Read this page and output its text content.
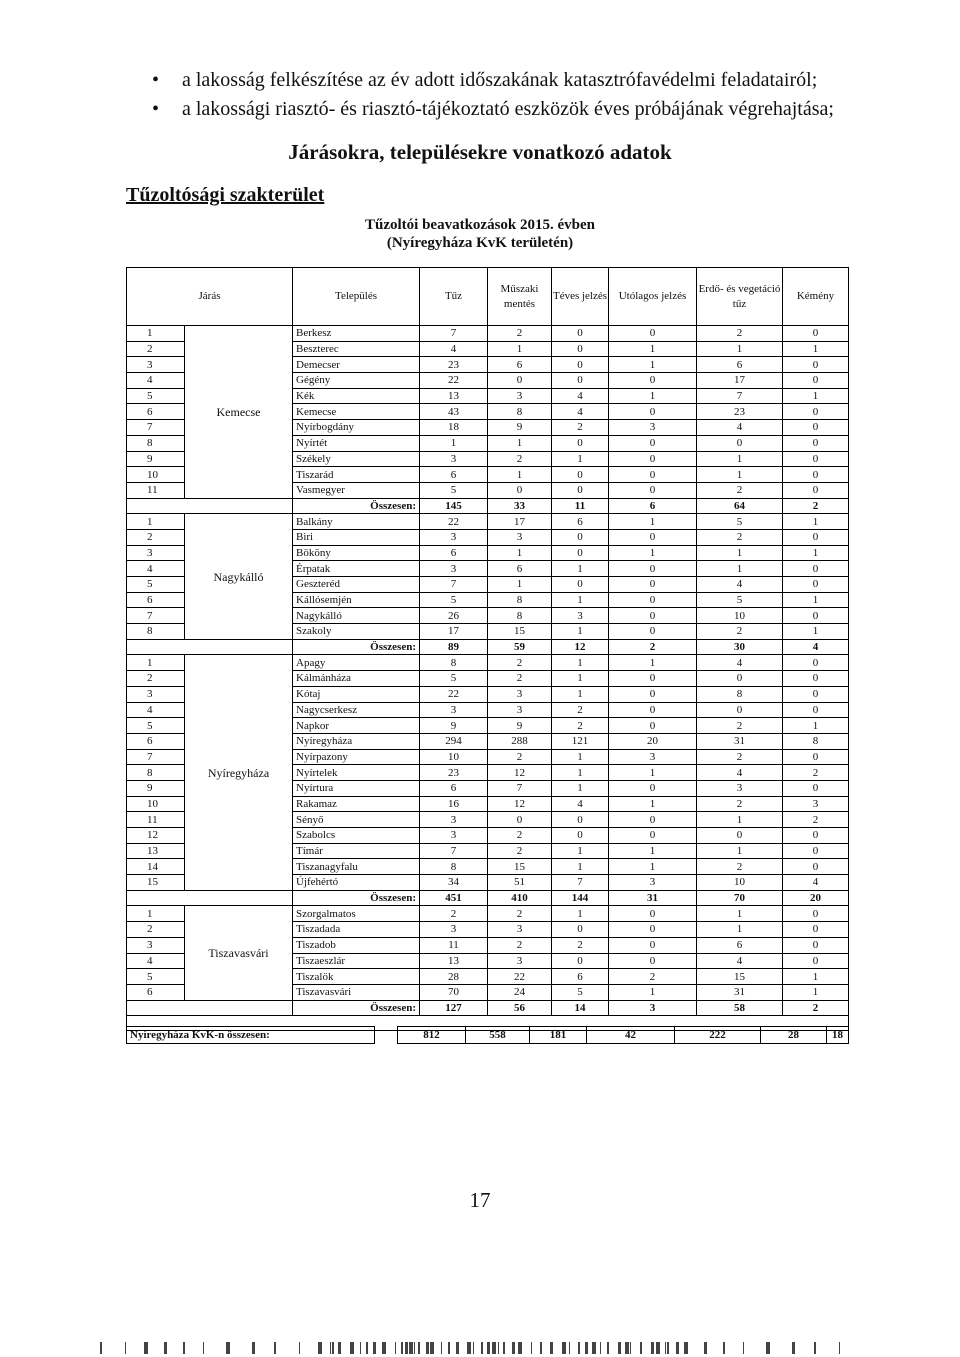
• a lakosság felkészítése az év adott időszakának katasztrófavédelmi feladatairól;
• a lakossági riasztó- és riasztó-tájékoztató eszközök éves próbájának végrehajtása;
Járásokra, településekre vonatkozó adatok
Tűzoltósági szakterület
Tűzoltói beavatkozások 2015. évben
(Nyíregyháza KvK területén)
Járás		Település	Tűz	Műszaki mentés	Téves jelzés	Utólagos jelzés	Erdő- és vegetáció tűz	Kémény	
1	Kemecse	Berkesz	7	2	0	0	2	0	
2		Beszterec	4	1	0	1	1	1	
3		Demecser	23	6	0	1	6	0	
4		Gégény	22	0	0	0	17	0	
5		Kék	13	3	4	1	7	1	
6		Kemecse	43	8	4	0	23	0	
7		Nyírbogdány	18	9	2	3	4	0	
8		Nyírtét	1	1	0	0	0	0	
9		Székely	3	2	1	0	1	0	
10		Tiszarád	6	1	0	0	1	0	
11		Vasmegyer	5	0	0	0	2	0	
		Összesen:	145	33	11	6	64	2	
1	Nagykálló	Balkány	22	17	6	1	5	1	
2		Biri	3	3	0	0	2	0	
3		Bököny	6	1	0	1	1	1	
4		Érpatak	3	6	1	0	1	0	
5		Geszteréd	7	1	0	0	4	0	
6		Kállósemjén	5	8	1	0	5	1	
7		Nagykálló	26	8	3	0	10	0	
8		Szakoly	17	15	1	0	2	1	
		Összesen:	89	59	12	2	30	4	
1	Nyíregyháza	Apagy	8	2	1	1	4	0	
2		Kálmánháza	5	2	1	0	0	0	
3		Kótaj	22	3	1	0	8	0	
4		Nagycserkesz	3	3	2	0	0	0	
5		Napkor	9	9	2	0	2	1	
6		Nyíregyháza	294	288	121	20	31	8	
7		Nyírpazony	10	2	1	3	2	0	
8		Nyírtelek	23	12	1	1	4	2	
9		Nyírtura	6	7	1	0	3	0	
10		Rakamaz	16	12	4	1	2	3	
11		Sényő	3	0	0	0	1	2	
12		Szabolcs	3	2	0	0	0	0	
13		Tímár	7	2	1	1	1	0	
14		Tiszanagyfalu	8	15	1	1	2	0	
15		Újfehértó	34	51	7	3	10	4	
		Összesen:	451	410	144	31	70	20	
1	Tiszavasvári	Szorgalmatos	2	2	1	0	1	0	
2		Tiszadada	3	3	0	0	1	0	
3		Tiszadob	11	2	2	0	6	0	
4		Tiszaeszlár	13	3	0	0	4	0	
5		Tiszalök	28	22	6	2	15	1	
6		Tiszavasvári	70	24	5	1	31	1	
		Összesen:	127	56	14	3	58	2	

Nyíregyháza KvK-n összesen:		812	558	181	42	222	28	18
17
